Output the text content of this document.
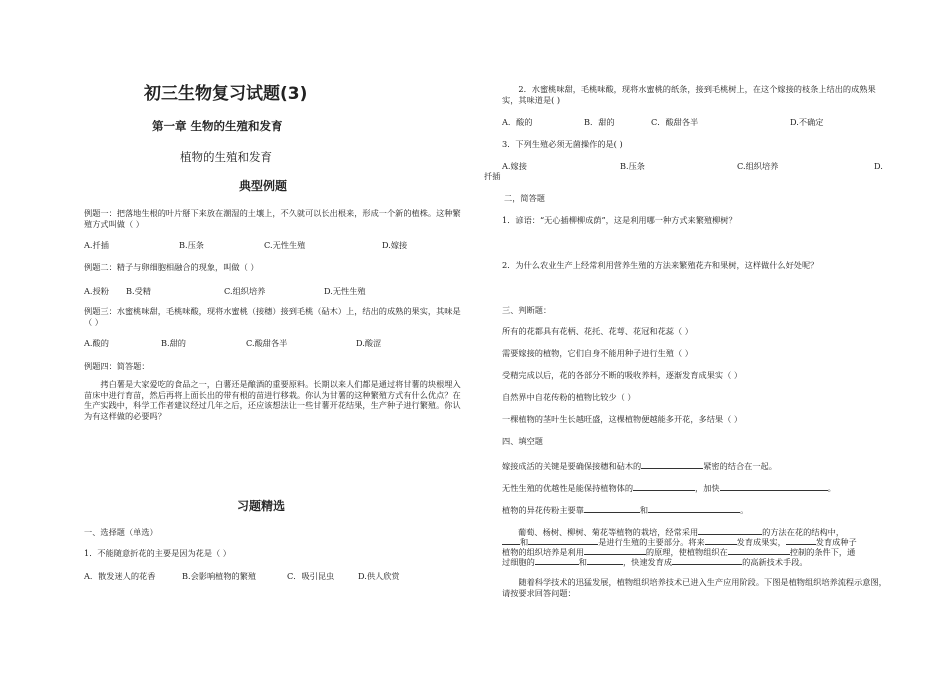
初三生物复习试题(3)
第一章 生物的生殖和发育
植物的生殖和发育
典型例题
例题一：把落地生根的叶片掰下来放在潮湿的土壤上，不久就可以长出根来，形成一个新的植株。这种繁殖方式叫做（ ）
A.扦插	B.压条	C.无性生殖	D.嫁接
例题二：精子与卵细胞相融合的现象，叫做（ ）
A.授粉 B.受精	C.组织培养	D.无性生殖
例题三：水蜜桃味甜，毛桃味酸，现将水蜜桃（接穗）接到毛桃（砧木）上，结出的成熟的果实，其味是（ ）
A.酸的	B.甜的	C.酸甜各半	D.酸涩
例题四：简答题：
拷白薯是大家爱吃的食品之一，白薯还是酿酒的重要原料。长期以来人们都是通过将甘薯的块根埋入苗床中进行育苗，然后再将上面长出的带有根的苗进行移栽。你认为甘薯的这种繁殖方式有什么优点？在生产实践中，科学工作者建议经过几年之后，还应该想法让一些甘薯开花结果，生产种子进行繁殖。你认为有这样做的必要吗？
习题精选
一、选择题（单选）
1．不能随意折花的主要是因为花是（ ）
A．散发迷人的花香	B.会影响植物的繁殖	C．吸引昆虫	D.供人欣赏
2．水蜜桃味甜，毛桃味酸，现将水蜜桃的纸条，接到毛桃树上，在这个嫁接的枝条上结出的成熟果实，其味道是( )
A．酸的	B．甜的	C．酸甜各半	D.不确定
3．下列生殖必须无菌操作的是( )
A.嫁接	B.压条	C.组织培养	D.
扦插
二，简答题
1．谚语：“无心插柳柳成荫”，这是利用哪一种方式来繁殖柳树？
2．为什么农业生产上经常利用营养生殖的方法来繁殖花卉和果树，这样做什么好处呢？
三、判断题：
所有的花都具有花柄、花托、花萼、花冠和花蕊（ ）
需要嫁接的植物，它们自身不能用种子进行生殖（ ）
受精完成以后，花的各部分不断的吸收养料，逐渐发育成果实（ ）
自然界中自花传粉的植物比较少（ ）
一棵植物的茎叶生长越旺盛，这棵植物便越能多开花，多结果（ ）
四、填空题
嫁接成活的关键是要确保接穗和砧木的	紧密的结合在一起。
无性生殖的优越性是能保持植物体的	，加快	。
植物的异花传粉主要靠	和	。
葡萄、杨树、柳树、菊花等植物的栽培，经常采用	的方法在花的结构中，
和	是进行生殖的主要部分。将来	发育成果实，	发育成种子
植物的组织培养是利用	的原理，使植物组织在	控制的条件下，通
过细胞的	和	，快速发育成	的高新技术手段。
随着科学技术的迅猛发展，植物组织培养技术已进入生产应用阶段。下图是植物组织培养流程示意图，请按要求回答问题：
